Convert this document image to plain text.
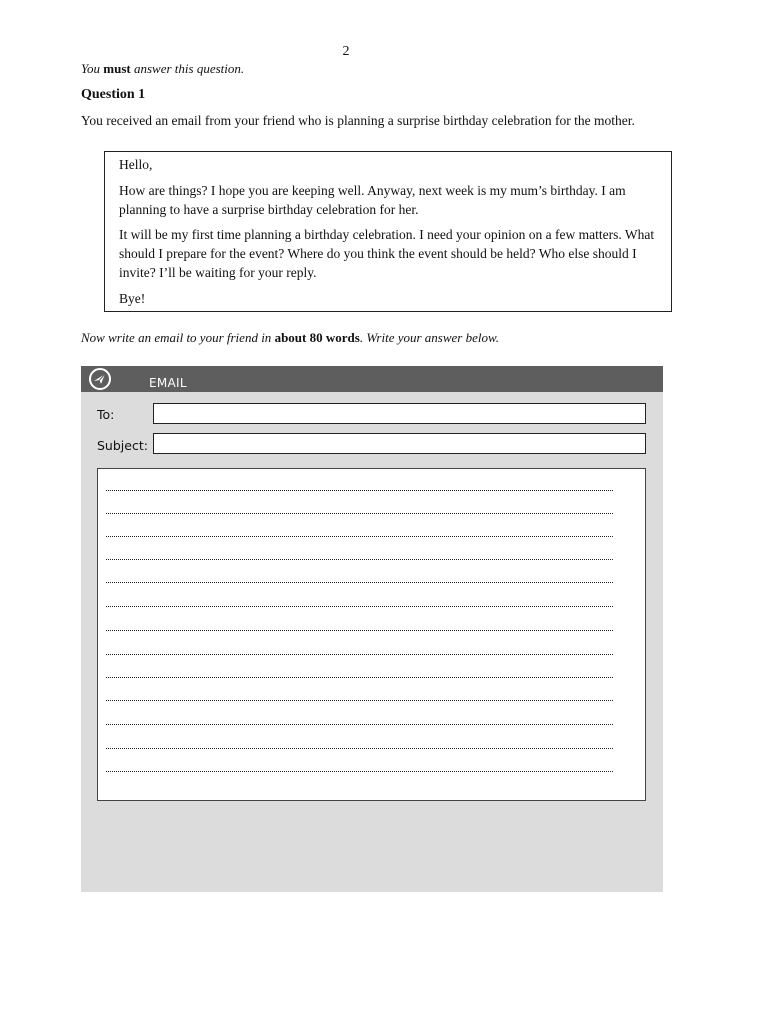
2
You must answer this question.
Question 1
You received an email from your friend who is planning a surprise birthday celebration for the mother.

Hello,

How are things? I hope you are keeping well. Anyway, next week is my mum’s birthday. I am planning to have a surprise birthday celebration for her.

It will be my first time planning a birthday celebration. I need your opinion on a few matters. What should I prepare for the event? Where do you think the event should be held? Who else should I invite? I’ll be waiting for your reply.

Bye!

Now write an email to your friend in about 80 words. Write your answer below.
EMAIL
To:
Subject:
